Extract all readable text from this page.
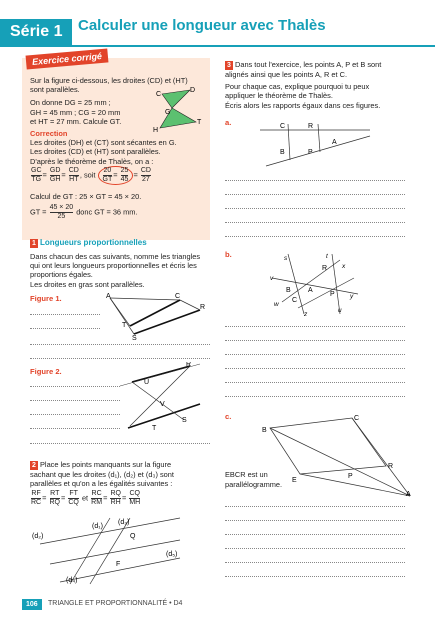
Série 1	Calculer une longueur avec Thalès
Exercice corrigé
Sur la figure ci-dessous, les droites (CD) et (HT)
sont parallèles.
On donne DG = 25 mm ;
GH = 45 mm ; CG = 20 mm
et HT = 27 mm. Calcule GT.
Correction
Les droites (DH) et (CT) sont sécantes en G.
Les droites (CD) et (HT) sont parallèles.
D'après le théorème de Thalès, on a :
C
D
G
H
T
$\frac{GC}{TG} = \frac{GD}{GH} = \frac{CD}{HT}$ , soit $\frac{20}{GT} = \frac{25}{45} = \frac{CD}{27}$
Calcul de GT : 25 × GT = 45 × 20.
GT = $\frac{45 \times 20}{25}$ donc GT = 36 mm.
1 Longueurs proportionnelles
Dans chacun des cas suivants, nomme les triangles
qui ont leurs longueurs proportionnelles et écris les
proportions égales.
Les droites en gras sont parallèles.
Figure 1.	A	C
R
T
S
Figure 2.
R
U
V
S
T
2 Place les points manquants sur la figure
sachant que les droites (d₁), (d₂) et (d₃) sont
parallèles et qu'on a les égalités suivantes :
$\frac{RF}{RC} = \frac{RT}{RQ} = \frac{FT}{CQ}$ et $\frac{RC}{RM} = \frac{RQ}{RH} = \frac{CQ}{MH}$
(d₂)
(d₁)
(d₃)
(d₅)
(d₄)
Q
F
3 Dans tout l'exercice, les points A, P et B sont
alignés ainsi que les points A, R et C.
Pour chaque cas, explique pourquoi tu peux
appliquer le théorème de Thalès.
Écris alors les rapports égaux dans ces figures.
a.	C	R
A
B	P
b.	s	t
x
v
R
B A
P
C
w
z
y
u
c.
B
C
R
P
E
A
EBCR est un
parallélogramme.
106	TRIANGLE ET PROPORTIONNALITÉ • D4
